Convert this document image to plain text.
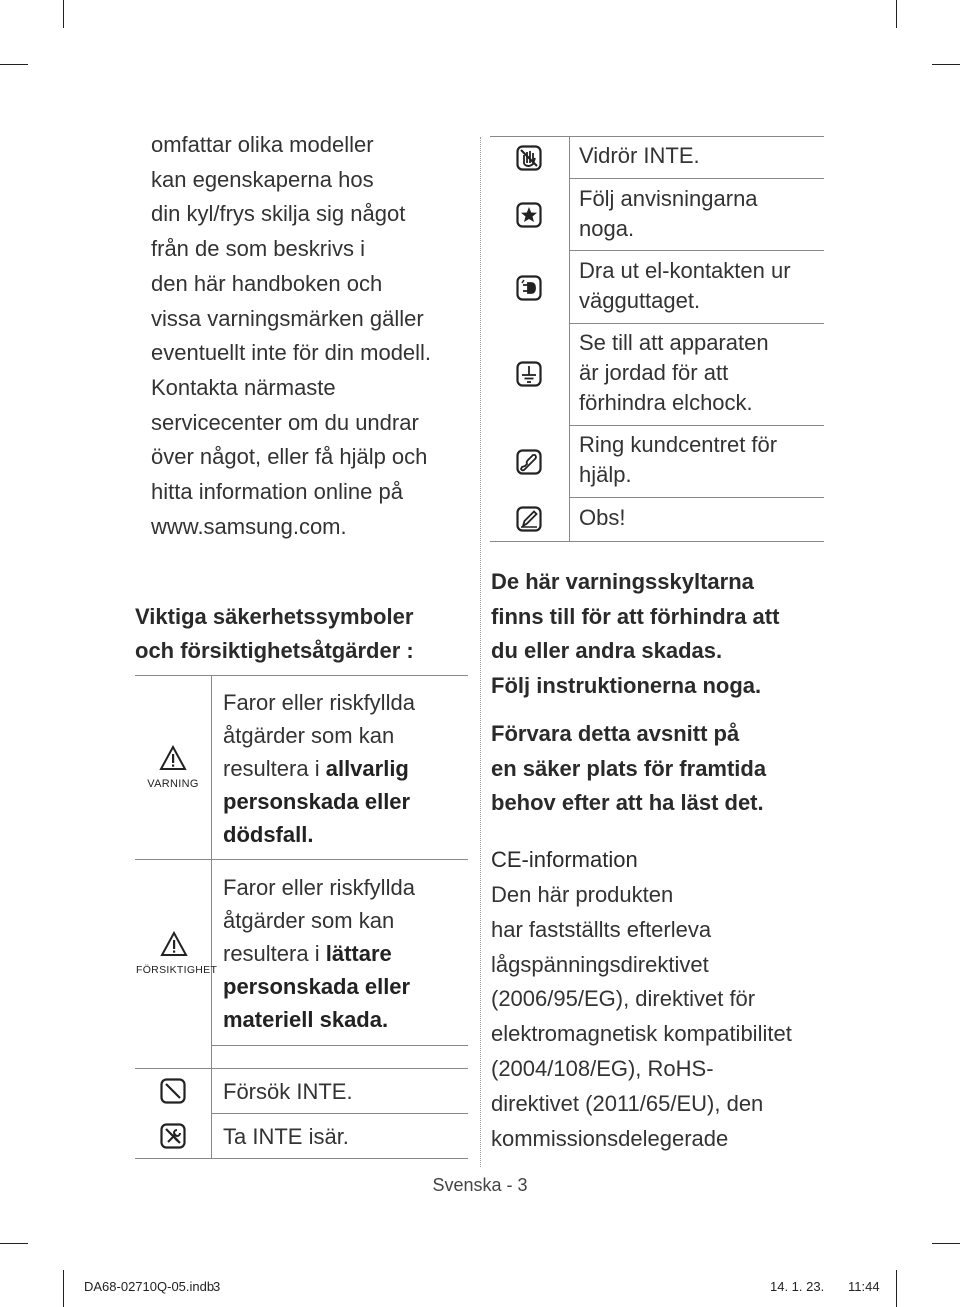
omfattar olika modeller
kan egenskaperna hos
din kyl/frys skilja sig något
från de som beskrivs i
den här handboken och
vissa varningsmärken gäller
eventuellt inte för din modell.
Kontakta närmaste
servicecenter om du undrar
över något, eller få hjälp och
hitta information online på
www.samsung.com.
Viktiga säkerhetssymboler
och försiktighetsåtgärder :
VARNING
Faror eller riskfyllda
åtgärder som kan
resultera i allvarlig
personskada eller
dödsfall.
FÖRSIKTIGHET
Faror eller riskfyllda
åtgärder som kan
resultera i lättare
personskada eller
materiell skada.
Försök INTE.
Ta INTE isär.
Vidrör INTE.
Följ anvisningarna
noga.
Dra ut el-kontakten ur
vägguttaget.
Se till att apparaten
är jordad för att
förhindra elchock.
Ring kundcentret för
hjälp.
Obs!
De här varningsskyltarna
finns till för att förhindra att
du eller andra skadas.
Följ instruktionerna noga.
Förvara detta avsnitt på
en säker plats för framtida
behov efter att ha läst det.
CE-information
Den här produkten
har fastställts efterleva
lågspänningsdirektivet
(2006/95/EG), direktivet för
elektromagnetisk kompatibilitet
(2004/108/EG), RoHS-
direktivet (2011/65/EU), den
kommissionsdelegerade
Svenska - 3
DA68-02710Q-05.indb
3	14. 1. 23. 11:44
